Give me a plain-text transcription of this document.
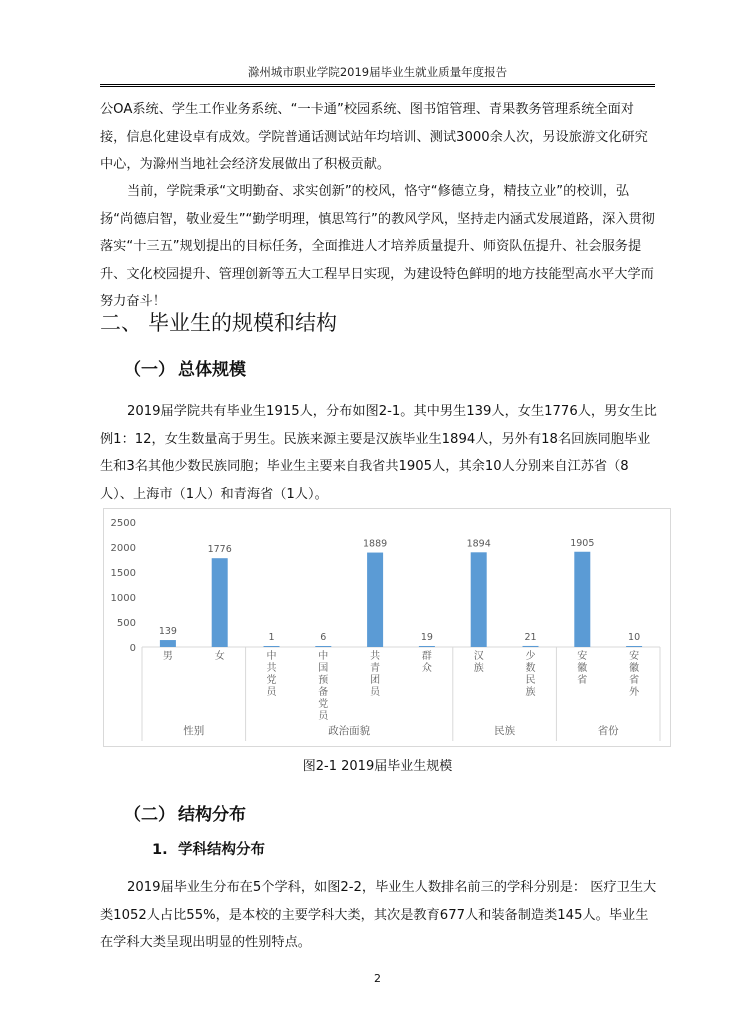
滁州城市职业学院2019届毕业生就业质量年度报告

公OA系统、学生工作业务系统、“一卡通”校园系统、图书馆管理、青果教务管理系统全面对接，信息化建设卓有成效。学院普通话测试站年均培训、测试3000余人次，另设旅游文化研究中心，为滁州当地社会经济发展做出了积极贡献。

当前，学院秉承“文明勤奋、求实创新”的校风，恪守“修德立身，精技立业”的校训，弘扬“尚德启智，敬业爱生”“勤学明理，慎思笃行”的教风学风，坚持走内涵式发展道路，深入贯彻落实“十三五”规划提出的目标任务，全面推进人才培养质量提升、师资队伍提升、社会服务提升、文化校园提升、管理创新等五大工程早日实现，为建设特色鲜明的地方技能型高水平大学而努力奋斗！

二、 毕业生的规模和结构
（一） 总体规模

2019届学院共有毕业生1915人，分布如图2-1。其中男生139人，女生1776人，男女生比例1：12，女生数量高于男生。民族来源主要是汉族毕业生1894人，另外有18名回族同胞毕业生和3名其他少数民族同胞；毕业生主要来自我省共1905人，其余10人分别来自江苏省（8人）、上海市（1人）和青海省（1人）。

0
500
1000
1500
2000
2500
139
男
1776
女
1
中共党员
6
中国预备党员
1889
共青团员
19
群众
1894
汉族
21
少数民族
1905
安徽省
10
安徽省外
性别	政治面貌	民族	省份
图2-1 2019届毕业生规模
（二） 结构分布
1. 学科结构分布

2019届毕业生分布在5个学科，如图2-2，毕业生人数排名前三的学科分别是： 医疗卫生大类1052人占比55%，是本校的主要学科大类，其次是教育677人和装备制造类145人。毕业生在学科大类呈现出明显的性别特点。

2
